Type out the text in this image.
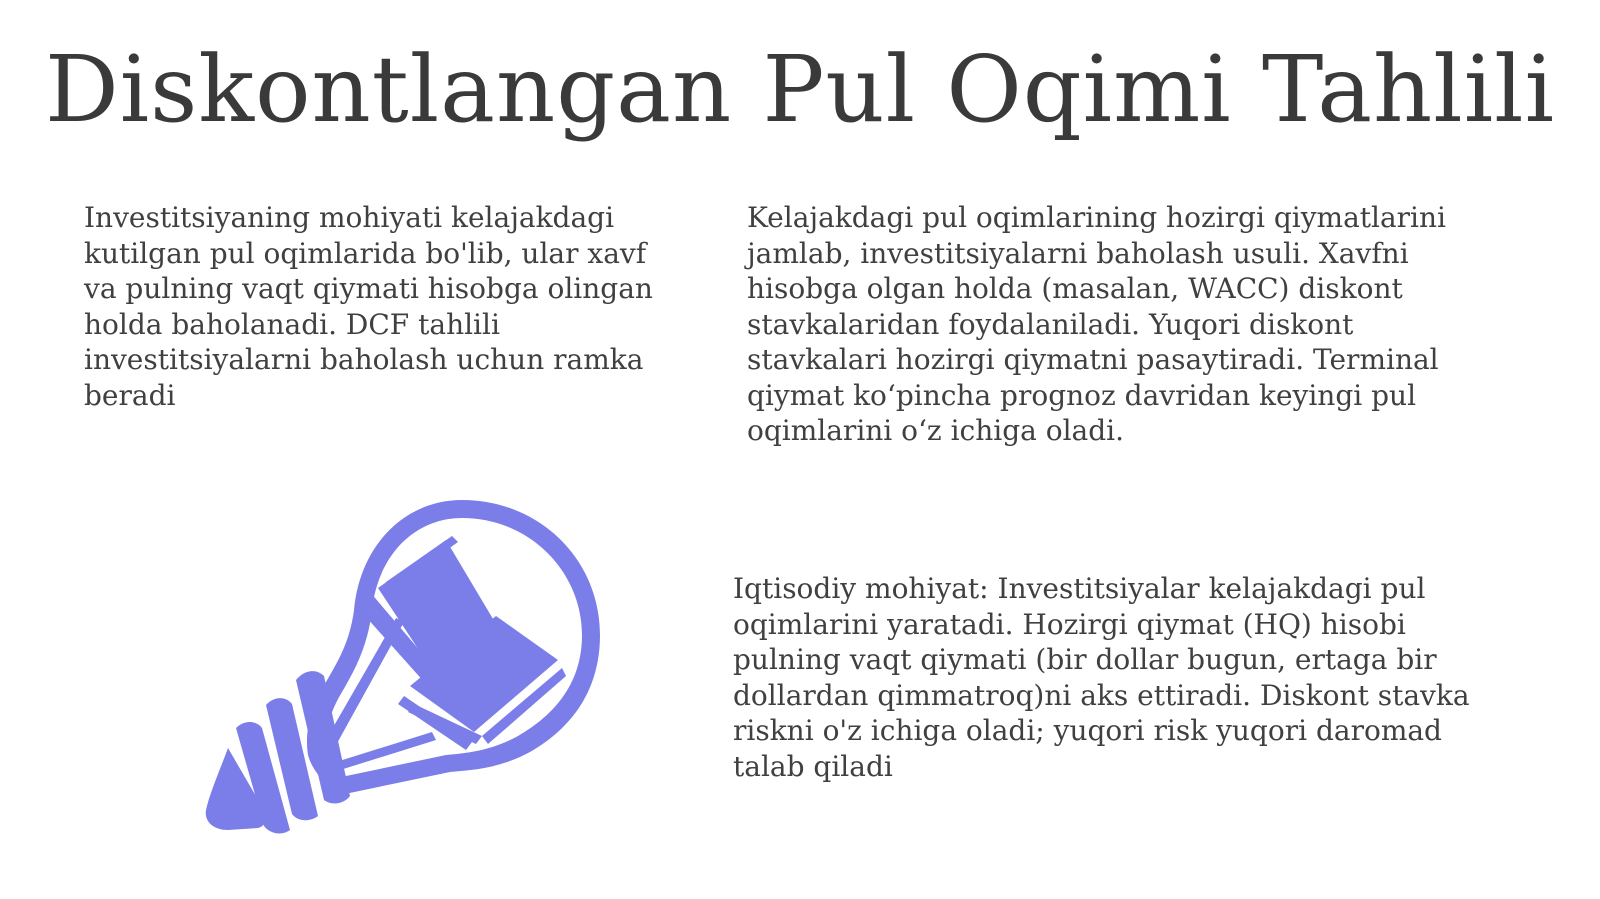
Diskontlangan Pul Oqimi Tahlili
Investitsiyaning mohiyati kelajakdagi kutilgan pul oqimlarida bo'lib, ular xavf va pulning vaqt qiymati hisobga olingan holda baholanadi. DCF tahlili investitsiyalarni baholash uchun ramka beradi
Kelajakdagi pul oqimlarining hozirgi qiymatlarini jamlab, investitsiyalarni baholash usuli. Xavfni hisobga olgan holda (masalan, WACC) diskont stavkalaridan foydalaniladi. Yuqori diskont stavkalari hozirgi qiymatni pasaytiradi. Terminal qiymat ko‘pincha prognoz davridan keyingi pul oqimlarini o‘z ichiga oladi.
Iqtisodiy mohiyat: Investitsiyalar kelajakdagi pul oqimlarini yaratadi. Hozirgi qiymat (HQ) hisobi pulning vaqt qiymati (bir dollar bugun, ertaga bir dollardan qimmatroq)ni aks ettiradi. Diskont stavka riskni o'z ichiga oladi; yuqori risk yuqori daromad talab qiladi
